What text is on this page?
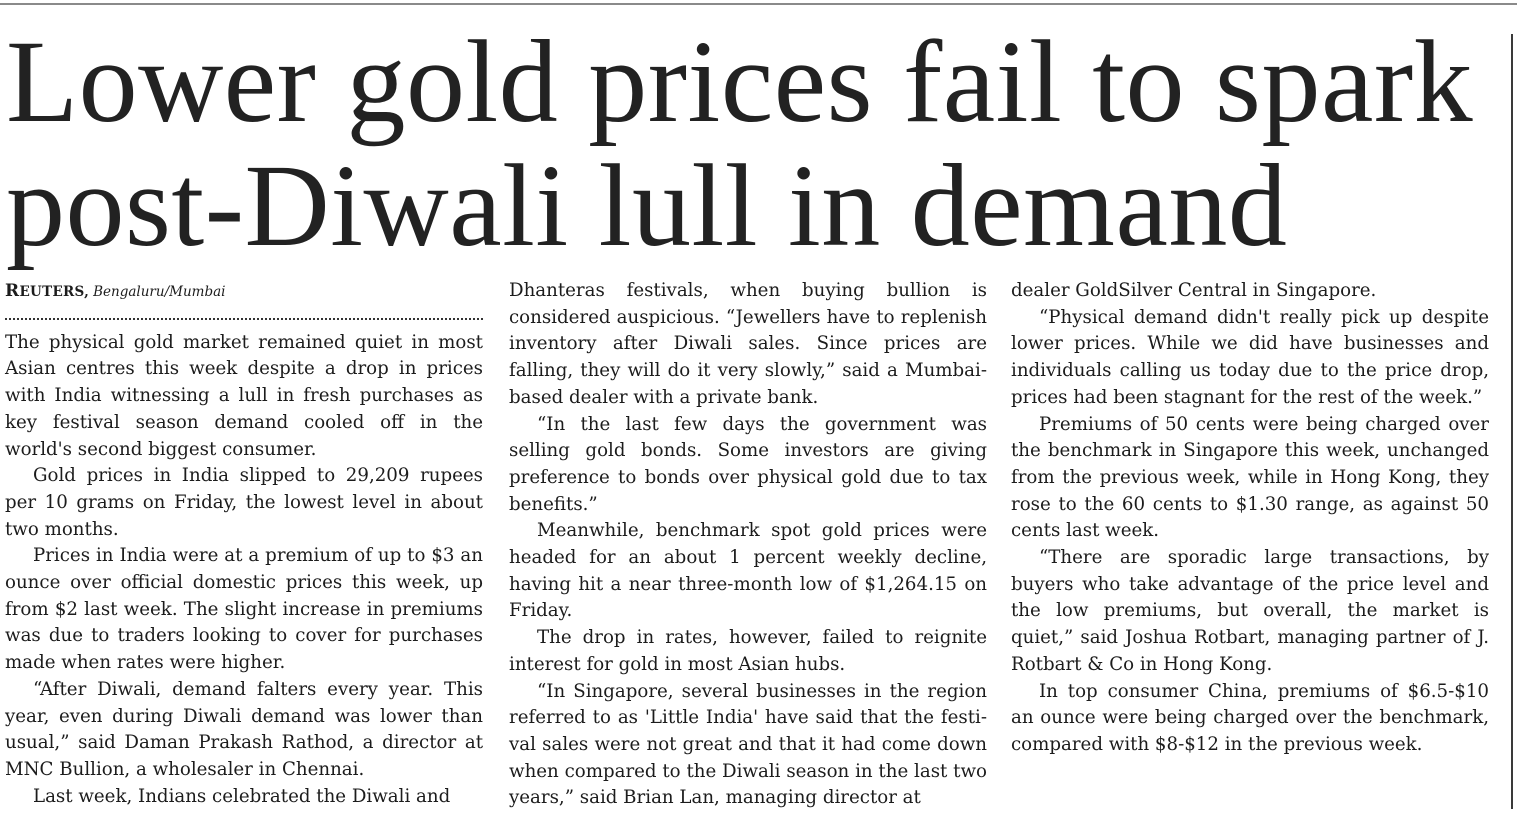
Lower gold prices fail to spark post-Diwali lull in demand

REUTERS, Bengaluru/Mumbai

The physical gold market remained quiet in most Asian centres this week despite a drop in prices with India witnessing a lull in fresh purchases as key festival season demand cooled off in the world's second biggest consumer.

Gold prices in India slipped to 29,209 rupees per 10 grams on Friday, the lowest level in about two months.

Prices in India were at a premium of up to $3 an ounce over official domestic prices this week, up from $2 last week. The slight increase in premiums was due to traders looking to cover for purchases made when rates were higher.

“After Diwali, demand falters every year. This year, even during Diwali demand was lower than usual,” said Daman Prakash Rathod, a director at MNC Bullion, a wholesaler in Chennai.

Last week, Indians celebrated the Diwali and

Dhanteras festivals, when buying bullion is considered auspicious. “Jewellers have to replenish inventory after Diwali sales. Since prices are falling, they will do it very slowly,” said a Mumbai-based dealer with a private bank.

“In the last few days the government was selling gold bonds. Some investors are giving preference to bonds over physical gold due to tax benefits.”

Meanwhile, benchmark spot gold prices were headed for an about 1 percent weekly decline, having hit a near three-month low of $1,264.15 on Friday.

The drop in rates, however, failed to reignite interest for gold in most Asian hubs.

“In Singapore, several businesses in the region referred to as 'Little India' have said that the festival sales were not great and that it had come down when compared to the Diwali season in the last two years,” said Brian Lan, managing director at

dealer GoldSilver Central in Singapore.

“Physical demand didn't really pick up despite lower prices. While we did have businesses and individuals calling us today due to the price drop, prices had been stagnant for the rest of the week.”

Premiums of 50 cents were being charged over the benchmark in Singapore this week, unchanged from the previous week, while in Hong Kong, they rose to the 60 cents to $1.30 range, as against 50 cents last week.

“There are sporadic large transactions, by buyers who take advantage of the price level and the low premiums, but overall, the market is quiet,” said Joshua Rotbart, managing partner of J. Rotbart & Co in Hong Kong.

In top consumer China, premiums of $6.5-$10 an ounce were being charged over the benchmark, compared with $8-$12 in the previous week.
